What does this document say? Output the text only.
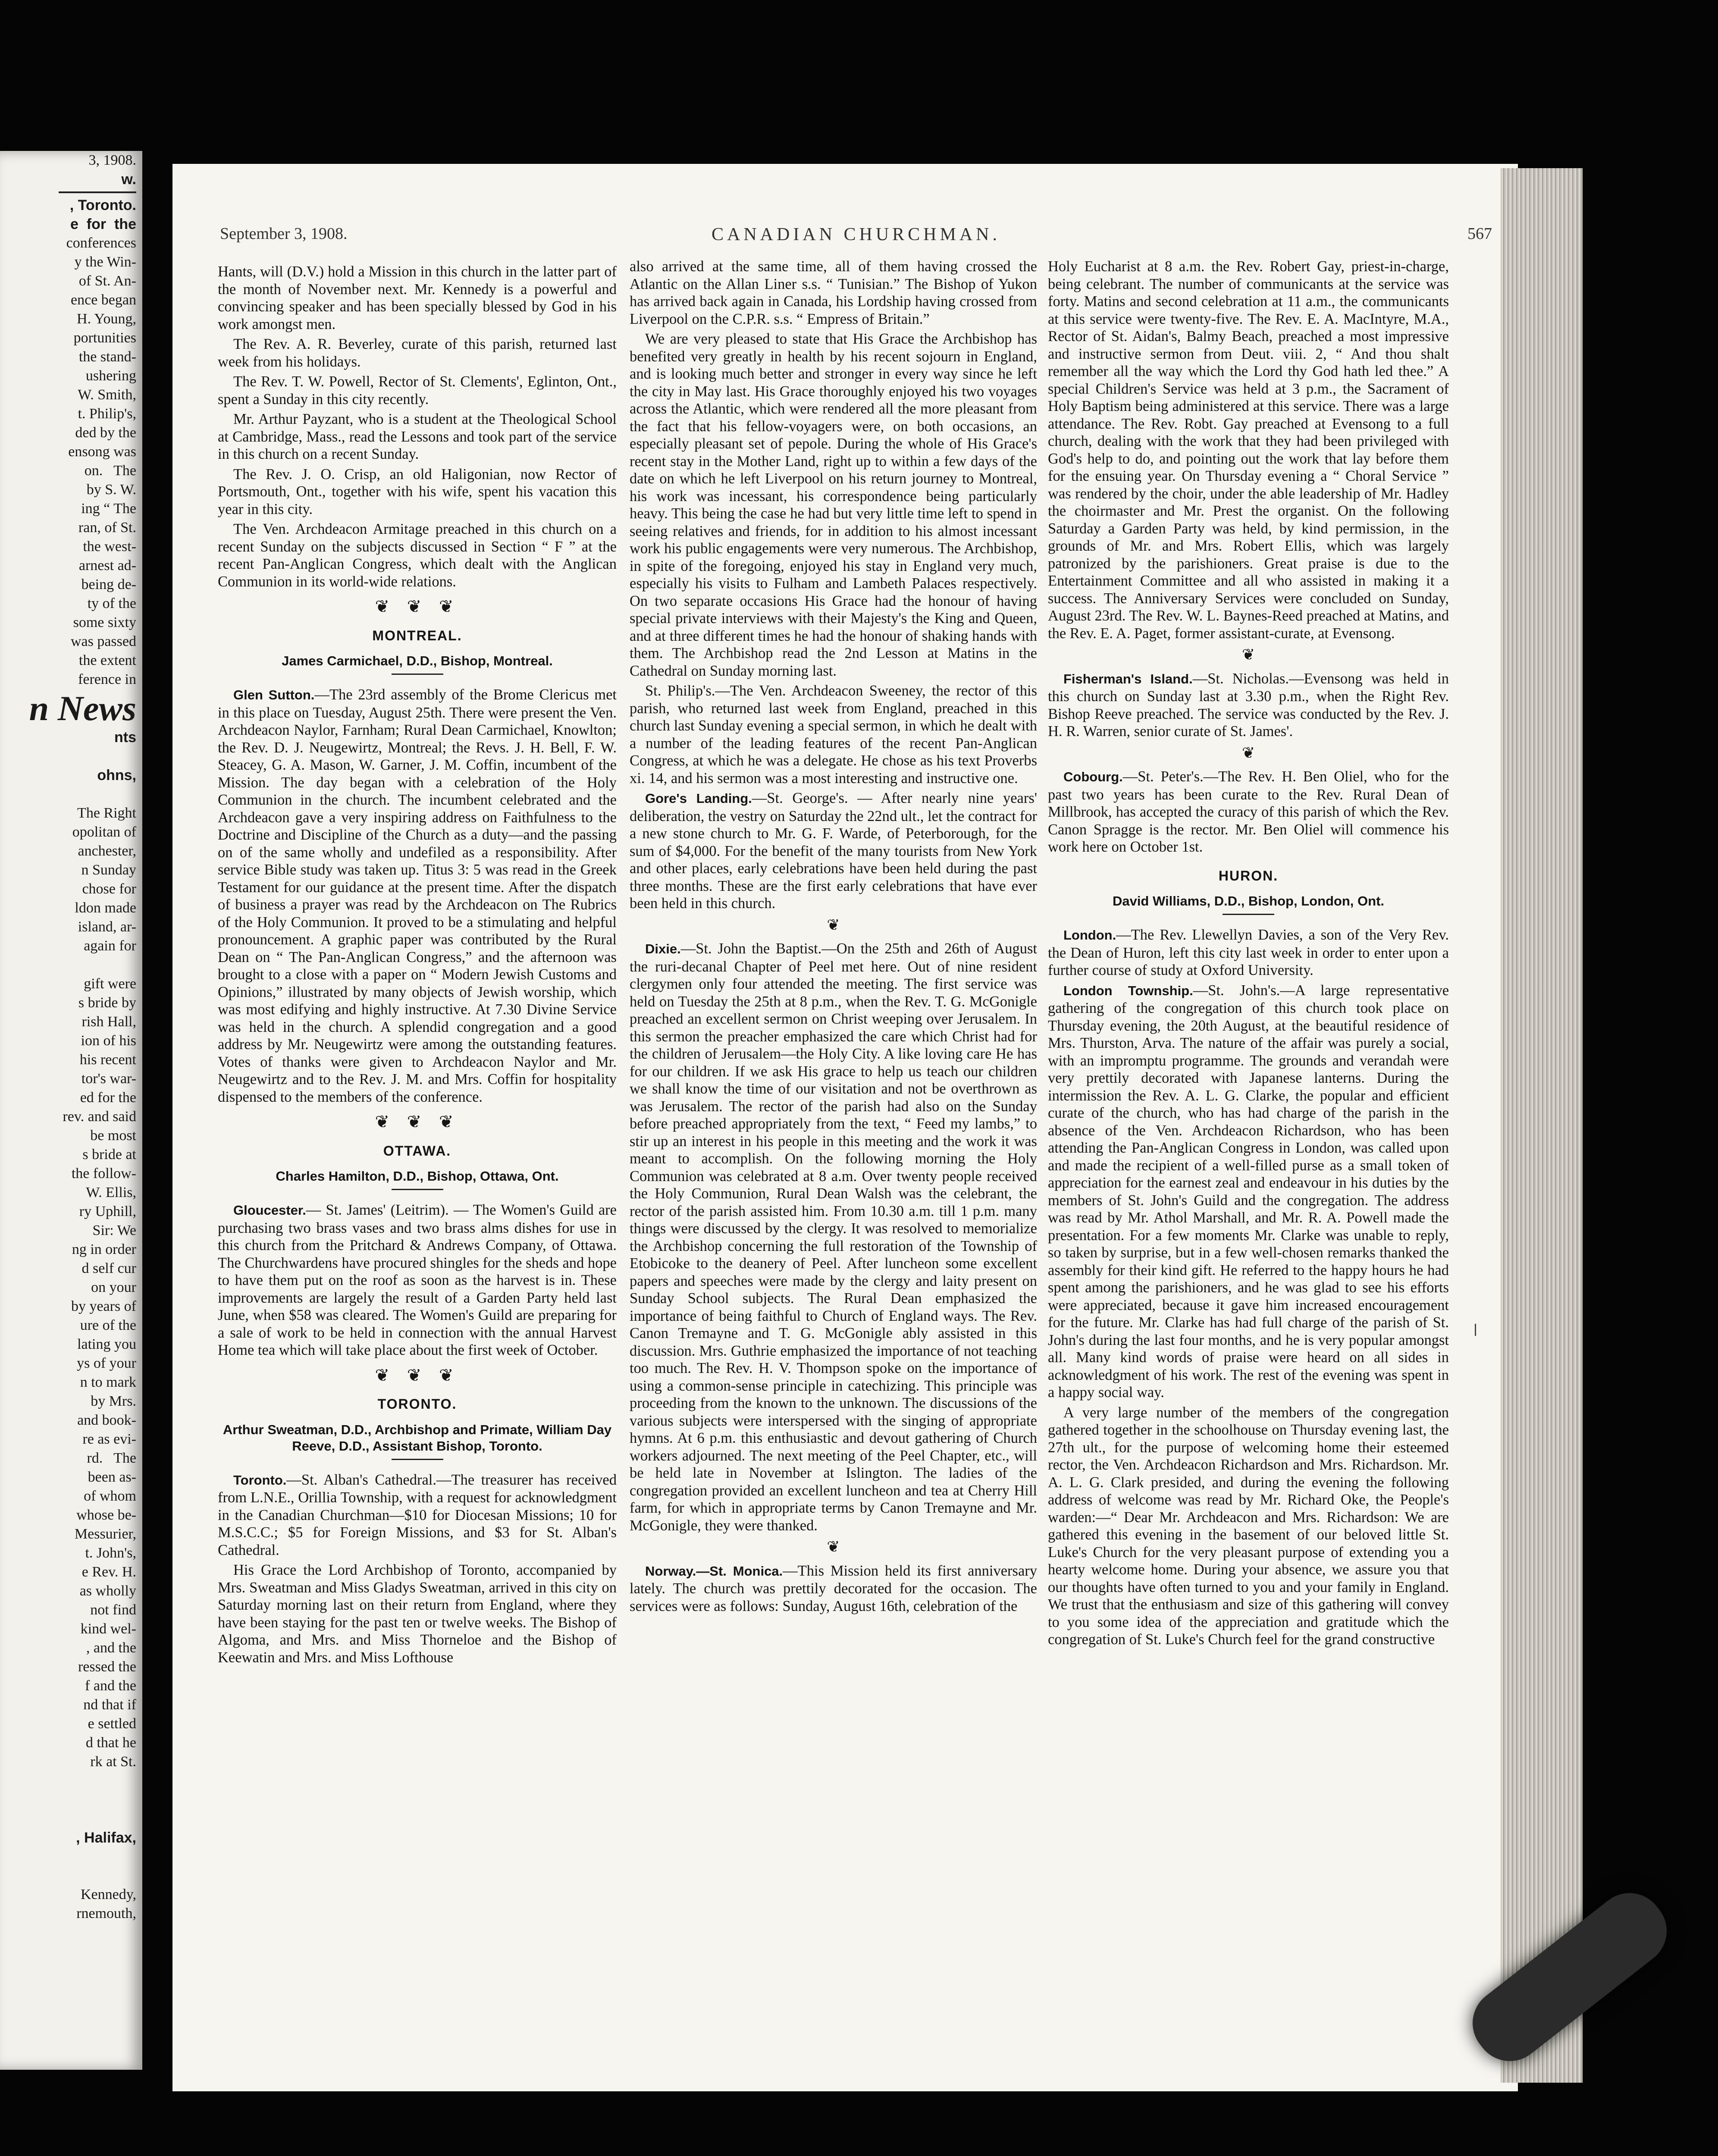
3, 1908.
w.
, Toronto.
e  for  the
conferences
y the Win-
of St. An-
ence began
H. Young,
portunities
the stand-
ushering
W. Smith,
t. Philip's,
ded by the
ensong was
on.   The
by S. W.
ing “ The
ran, of St.
the west-
arnest ad-
being de-
ty of the
some sixty
was passed
the extent
ference in
n News
nts

ohns,

The Right
opolitan of
anchester,
n Sunday
chose for
ldon made
island, ar-
again for

gift were
s bride by
rish Hall,
ion of his
his recent
tor's war-
ed for the
rev. and said
be most
s bride at
the follow-
W. Ellis,
ry Uphill,
Sir: We
ng in order
d self cur
on your
by years of
ure of the
lating you
ys of your
n to mark
by Mrs.
and book-
re as evi-
rd.   The
been as-
of whom
whose be-
Messurier,
t. John's,
e Rev. H.
as wholly
not find
kind wel-
, and the
ressed the
f and the
nd that if
e settled
d that he
rk at St.

, Halifax,

Kennedy,
rnemouth,
September 3, 1908.	CANADIAN CHURCHMAN.	567

Hants, will (D.V.) hold a Mission in this church in the latter part of the month of November next. Mr. Kennedy is a powerful and convincing speaker and has been specially blessed by God in his work amongst men.

The Rev. A. R. Beverley, curate of this parish, returned last week from his holidays.

The Rev. T. W. Powell, Rector of St. Clements', Eglinton, Ont., spent a Sunday in this city recently.

Mr. Arthur Payzant, who is a student at the Theological School at Cambridge, Mass., read the Lessons and took part of the service in this church on a recent Sunday.

The Rev. J. O. Crisp, an old Haligonian, now Rector of Portsmouth, Ont., together with his wife, spent his vacation this year in this city.

The Ven. Archdeacon Armitage preached in this church on a recent Sunday on the subjects discussed in Section “ F ” at the recent Pan-Anglican Congress, which dealt with the Anglican Communion in its world-wide relations.

❦ ❦ ❦
MONTREAL.
James Carmichael, D.D., Bishop, Montreal.

Glen Sutton.—The 23rd assembly of the Brome Clericus met in this place on Tuesday, August 25th. There were present the Ven. Archdeacon Naylor, Farnham; Rural Dean Carmichael, Knowlton; the Rev. D. J. Neugewirtz, Montreal; the Revs. J. H. Bell, F. W. Steacey, G. A. Mason, W. Garner, J. M. Coffin, incumbent of the Mission. The day began with a celebration of the Holy Communion in the church. The incumbent celebrated and the Archdeacon gave a very inspiring address on Faithfulness to the Doctrine and Discipline of the Church as a duty—and the passing on of the same wholly and undefiled as a responsibility. After service Bible study was taken up. Titus 3: 5 was read in the Greek Testament for our guidance at the present time. After the dispatch of business a prayer was read by the Archdeacon on The Rubrics of the Holy Communion. It proved to be a stimulating and helpful pronouncement. A graphic paper was contributed by the Rural Dean on “ The Pan-Anglican Congress,” and the afternoon was brought to a close with a paper on “ Modern Jewish Customs and Opinions,” illustrated by many objects of Jewish worship, which was most edifying and highly instructive. At 7.30 Divine Service was held in the church. A splendid congregation and a good address by Mr. Neugewirtz were among the outstanding features. Votes of thanks were given to Archdeacon Naylor and Mr. Neugewirtz and to the Rev. J. M. and Mrs. Coffin for hospitality dispensed to the members of the conference.

❦ ❦ ❦
OTTAWA.
Charles Hamilton, D.D., Bishop, Ottawa, Ont.

Gloucester.— St. James' (Leitrim). — The Women's Guild are purchasing two brass vases and two brass alms dishes for use in this church from the Pritchard & Andrews Company, of Ottawa. The Churchwardens have procured shingles for the sheds and hope to have them put on the roof as soon as the harvest is in. These improvements are largely the result of a Garden Party held last June, when $58 was cleared. The Women's Guild are preparing for a sale of work to be held in connection with the annual Harvest Home tea which will take place about the first week of October.

❦ ❦ ❦
TORONTO.
Arthur Sweatman, D.D., Archbishop and Primate, William Day Reeve, D.D., Assistant Bishop, Toronto.

Toronto.—St. Alban's Cathedral.—The treasurer has received from L.N.E., Orillia Township, with a request for acknowledgment in the Canadian Churchman—$10 for Diocesan Missions; 10 for M.S.C.C.; $5 for Foreign Missions, and $3 for St. Alban's Cathedral.

His Grace the Lord Archbishop of Toronto, accompanied by Mrs. Sweatman and Miss Gladys Sweatman, arrived in this city on Saturday morning last on their return from England, where they have been staying for the past ten or twelve weeks. The Bishop of Algoma, and Mrs. and Miss Thorneloe and the Bishop of Keewatin and Mrs. and Miss Lofthouse

also arrived at the same time, all of them having crossed the Atlantic on the Allan Liner s.s. “ Tunisian.” The Bishop of Yukon has arrived back again in Canada, his Lordship having crossed from Liverpool on the C.P.R. s.s. “ Empress of Britain.”

We are very pleased to state that His Grace the Archbishop has benefited very greatly in health by his recent sojourn in England, and is looking much better and stronger in every way since he left the city in May last. His Grace thoroughly enjoyed his two voyages across the Atlantic, which were rendered all the more pleasant from the fact that his fellow-voyagers were, on both occasions, an especially pleasant set of pepole. During the whole of His Grace's recent stay in the Mother Land, right up to within a few days of the date on which he left Liverpool on his return journey to Montreal, his work was incessant, his correspondence being particularly heavy. This being the case he had but very little time left to spend in seeing relatives and friends, for in addition to his almost incessant work his public engagements were very numerous. The Archbishop, in spite of the foregoing, enjoyed his stay in England very much, especially his visits to Fulham and Lambeth Palaces respectively. On two separate occasions His Grace had the honour of having special private interviews with their Majesty's the King and Queen, and at three different times he had the honour of shaking hands with them. The Archbishop read the 2nd Lesson at Matins in the Cathedral on Sunday morning last.

St. Philip's.—The Ven. Archdeacon Sweeney, the rector of this parish, who returned last week from England, preached in this church last Sunday evening a special sermon, in which he dealt with a number of the leading features of the recent Pan-Anglican Congress, at which he was a delegate. He chose as his text Proverbs xi. 14, and his sermon was a most interesting and instructive one.

Gore's Landing.—St. George's. — After nearly nine years' deliberation, the vestry on Saturday the 22nd ult., let the contract for a new stone church to Mr. G. F. Warde, of Peterborough, for the sum of $4,000. For the benefit of the many tourists from New York and other places, early celebrations have been held during the past three months. These are the first early celebrations that have ever been held in this church.

❦

Dixie.—St. John the Baptist.—On the 25th and 26th of August the ruri-decanal Chapter of Peel met here. Out of nine resident clergymen only four attended the meeting. The first service was held on Tuesday the 25th at 8 p.m., when the Rev. T. G. McGonigle preached an excellent sermon on Christ weeping over Jerusalem. In this sermon the preacher emphasized the care which Christ had for the children of Jerusalem—the Holy City. A like loving care He has for our children. If we ask His grace to help us teach our children we shall know the time of our visitation and not be overthrown as was Jerusalem. The rector of the parish had also on the Sunday before preached appropriately from the text, “ Feed my lambs,” to stir up an interest in his people in this meeting and the work it was meant to accomplish. On the following morning the Holy Communion was celebrated at 8 a.m. Over twenty people received the Holy Communion, Rural Dean Walsh was the celebrant, the rector of the parish assisted him. From 10.30 a.m. till 1 p.m. many things were discussed by the clergy. It was resolved to memorialize the Archbishop concerning the full restoration of the Township of Etobicoke to the deanery of Peel. After luncheon some excellent papers and speeches were made by the clergy and laity present on Sunday School subjects. The Rural Dean emphasized the importance of being faithful to Church of England ways. The Rev. Canon Tremayne and T. G. McGonigle ably assisted in this discussion. Mrs. Guthrie emphasized the importance of not teaching too much. The Rev. H. V. Thompson spoke on the importance of using a common-sense principle in catechizing. This principle was proceeding from the known to the unknown. The discussions of the various subjects were interspersed with the singing of appropriate hymns. At 6 p.m. this enthusiastic and devout gathering of Church workers adjourned. The next meeting of the Peel Chapter, etc., will be held late in November at Islington. The ladies of the congregation provided an excellent luncheon and tea at Cherry Hill farm, for which in appropriate terms by Canon Tremayne and Mr. McGonigle, they were thanked.

❦

Norway.—St. Monica.—This Mission held its first anniversary lately. The church was prettily decorated for the occasion. The services were as follows: Sunday, August 16th, celebration of the

Holy Eucharist at 8 a.m. the Rev. Robert Gay, priest-in-charge, being celebrant. The number of communicants at the service was forty. Matins and second celebration at 11 a.m., the communicants at this service were twenty-five. The Rev. E. A. MacIntyre, M.A., Rector of St. Aidan's, Balmy Beach, preached a most impressive and instructive sermon from Deut. viii. 2, “ And thou shalt remember all the way which the Lord thy God hath led thee.” A special Children's Service was held at 3 p.m., the Sacrament of Holy Baptism being administered at this service. There was a large attendance. The Rev. Robt. Gay preached at Evensong to a full church, dealing with the work that they had been privileged with God's help to do, and pointing out the work that lay before them for the ensuing year. On Thursday evening a “ Choral Service ” was rendered by the choir, under the able leadership of Mr. Hadley the choirmaster and Mr. Prest the organist. On the following Saturday a Garden Party was held, by kind permission, in the grounds of Mr. and Mrs. Robert Ellis, which was largely patronized by the parishioners. Great praise is due to the Entertainment Committee and all who assisted in making it a success. The Anniversary Services were concluded on Sunday, August 23rd. The Rev. W. L. Baynes-Reed preached at Matins, and the Rev. E. A. Paget, former assistant-curate, at Evensong.

❦

Fisherman's Island.—St. Nicholas.—Evensong was held in this church on Sunday last at 3.30 p.m., when the Right Rev. Bishop Reeve preached. The service was conducted by the Rev. J. H. R. Warren, senior curate of St. James'.

❦

Cobourg.—St. Peter's.—The Rev. H. Ben Oliel, who for the past two years has been curate to the Rev. Rural Dean of Millbrook, has accepted the curacy of this parish of which the Rev. Canon Spragge is the rector. Mr. Ben Oliel will commence his work here on October 1st.

HURON.
David Williams, D.D., Bishop, London, Ont.

London.—The Rev. Llewellyn Davies, a son of the Very Rev. the Dean of Huron, left this city last week in order to enter upon a further course of study at Oxford University.

London Township.—St. John's.—A large representative gathering of the congregation of this church took place on Thursday evening, the 20th August, at the beautiful residence of Mrs. Thurston, Arva. The nature of the affair was purely a social, with an impromptu programme. The grounds and verandah were very prettily decorated with Japanese lanterns. During the intermission the Rev. A. L. G. Clarke, the popular and efficient curate of the church, who has had charge of the parish in the absence of the Ven. Archdeacon Richardson, who has been attending the Pan-Anglican Congress in London, was called upon and made the recipient of a well-filled purse as a small token of appreciation for the earnest zeal and endeavour in his duties by the members of St. John's Guild and the congregation. The address was read by Mr. Athol Marshall, and Mr. R. A. Powell made the presentation. For a few moments Mr. Clarke was unable to reply, so taken by surprise, but in a few well-chosen remarks thanked the assembly for their kind gift. He referred to the happy hours he had spent among the parishioners, and he was glad to see his efforts were appreciated, because it gave him increased encouragement for the future. Mr. Clarke has had full charge of the parish of St. John's during the last four months, and he is very popular amongst all. Many kind words of praise were heard on all sides in acknowledgment of his work. The rest of the evening was spent in a happy social way.

A very large number of the members of the congregation gathered together in the schoolhouse on Thursday evening last, the 27th ult., for the purpose of welcoming home their esteemed rector, the Ven. Archdeacon Richardson and Mrs. Richardson. Mr. A. L. G. Clark presided, and during the evening the following address of welcome was read by Mr. Richard Oke, the People's warden:—“ Dear Mr. Archdeacon and Mrs. Richardson: We are gathered this evening in the basement of our beloved little St. Luke's Church for the very pleasant purpose of extending you a hearty welcome home. During your absence, we assure you that our thoughts have often turned to you and your family in England. We trust that the enthusiasm and size of this gathering will convey to you some idea of the appreciation and gratitude which the congregation of St. Luke's Church feel for the grand constructive
